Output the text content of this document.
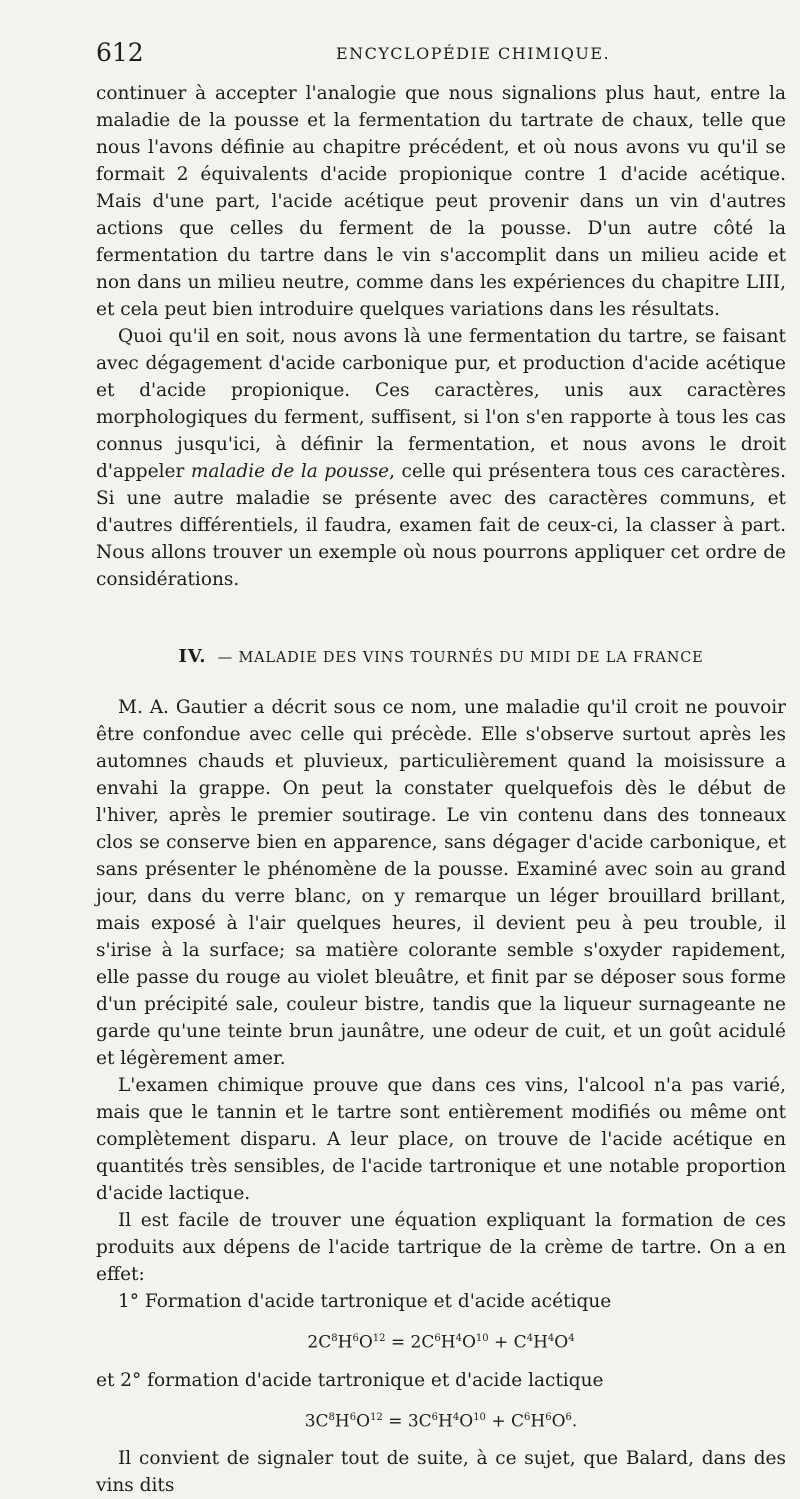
612	ENCYCLOPÉDIE CHIMIQUE.

continuer à accepter l'analogie que nous signalions plus haut, entre la maladie de la pousse et la fermentation du tartrate de chaux, telle que nous l'avons définie au chapitre précédent, et où nous avons vu qu'il se formait 2 équivalents d'acide propionique contre 1 d'acide acétique. Mais d'une part, l'acide acétique peut provenir dans un vin d'autres actions que celles du ferment de la pousse. D'un autre côté la fermentation du tartre dans le vin s'accomplit dans un milieu acide et non dans un milieu neutre, comme dans les expériences du chapitre LIII, et cela peut bien introduire quelques variations dans les résultats.

Quoi qu'il en soit, nous avons là une fermentation du tartre, se faisant avec dégagement d'acide carbonique pur, et production d'acide acétique et d'acide propionique. Ces caractères, unis aux caractères morphologiques du ferment, suffisent, si l'on s'en rapporte à tous les cas connus jusqu'ici, à définir la fermentation, et nous avons le droit d'appeler maladie de la pousse, celle qui présentera tous ces caractères. Si une autre maladie se présente avec des caractères communs, et d'autres différentiels, il faudra, examen fait de ceux-ci, la classer à part. Nous allons trouver un exemple où nous pourrons appliquer cet ordre de considérations.

IV. — MALADIE DES VINS TOURNÉS DU MIDI DE LA FRANCE

M. A. Gautier a décrit sous ce nom, une maladie qu'il croit ne pouvoir être confondue avec celle qui précède. Elle s'observe surtout après les automnes chauds et pluvieux, particulièrement quand la moisissure a envahi la grappe. On peut la constater quelquefois dès le début de l'hiver, après le premier soutirage. Le vin contenu dans des tonneaux clos se conserve bien en apparence, sans dégager d'acide carbonique, et sans présenter le phénomène de la pousse. Examiné avec soin au grand jour, dans du verre blanc, on y remarque un léger brouillard brillant, mais exposé à l'air quelques heures, il devient peu à peu trouble, il s'irise à la surface; sa matière colorante semble s'oxyder rapidement, elle passe du rouge au violet bleuâtre, et finit par se déposer sous forme d'un précipité sale, couleur bistre, tandis que la liqueur surnageante ne garde qu'une teinte brun jaunâtre, une odeur de cuit, et un goût acidulé et légèrement amer.

L'examen chimique prouve que dans ces vins, l'alcool n'a pas varié, mais que le tannin et le tartre sont entièrement modifiés ou même ont complètement disparu. A leur place, on trouve de l'acide acétique en quantités très sensibles, de l'acide tartronique et une notable proportion d'acide lactique.

Il est facile de trouver une équation expliquant la formation de ces produits aux dépens de l'acide tartrique de la crème de tartre. On a en effet:

1° Formation d'acide tartronique et d'acide acétique

$2C^8H^6O^{12} = 2C^6H^4O^{10} + C^4H^4O^4$

et 2° formation d'acide tartronique et d'acide lactique

$3C^8H^6O^{12} = 3C^6H^4O^{10} + C^6H^6O^6$.

Il convient de signaler tout de suite, à ce sujet, que Balard, dans des vins dits
